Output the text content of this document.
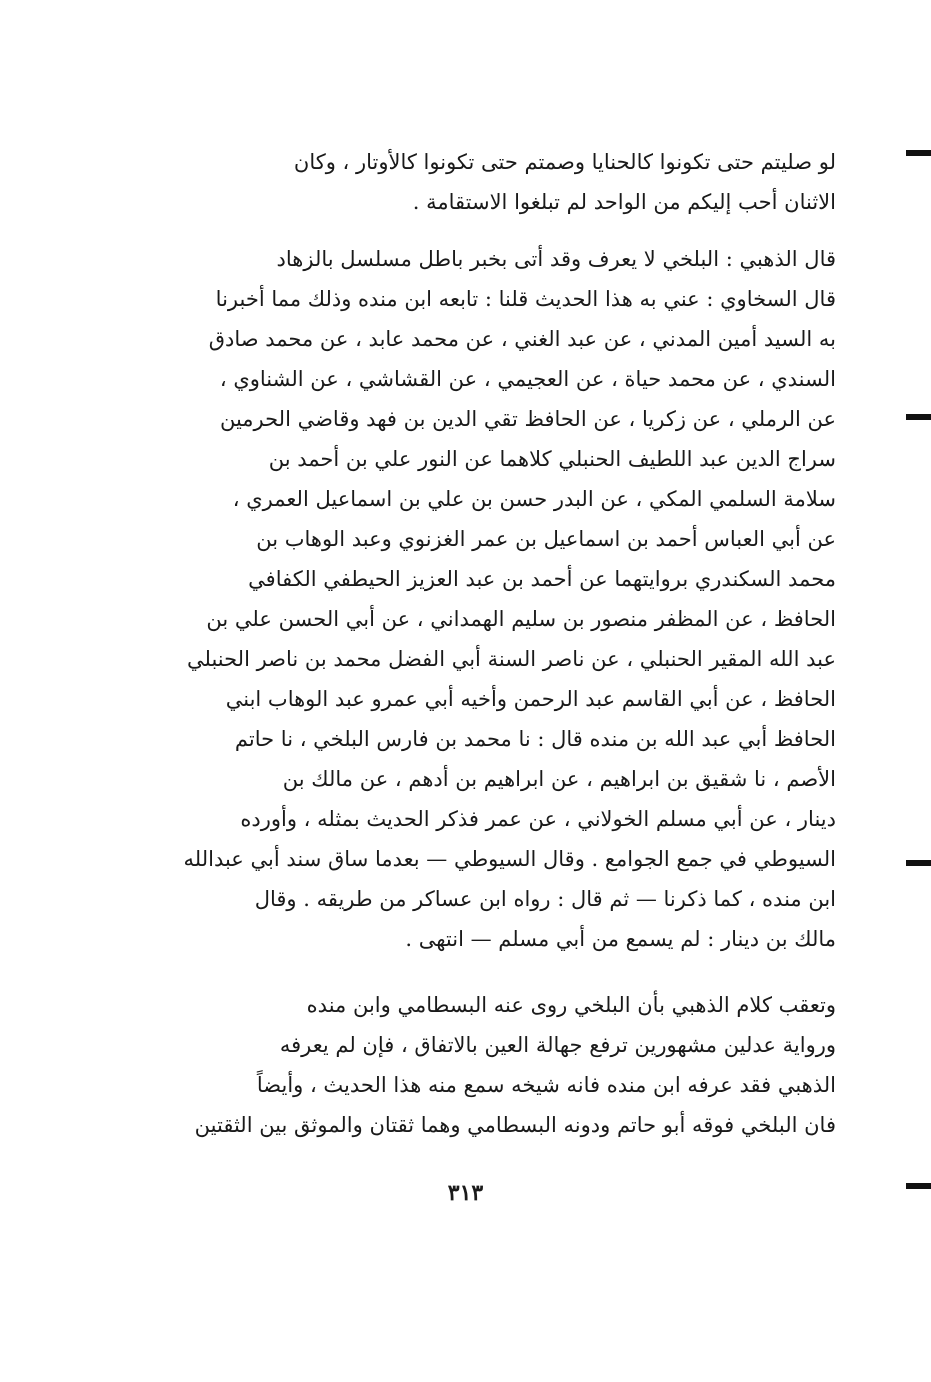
لو صليتم حتى تكونوا كالحنايا وصمتم حتى تكونوا كالأوتار ، وكان
الاثنان أحب إليكم من الواحد لم تبلغوا الاستقامة .

قال الذهبي : البلخي لا يعرف وقد أتى بخبر باطل مسلسل بالزهاد
قال السخاوي : عني به هذا الحديث قلنا : تابعه ابن منده وذلك مما أخبرنا
به السيد أمين المدني ، عن عبد الغني ، عن محمد عابد ، عن محمد صادق
السندي ، عن محمد حياة ، عن العجيمي ، عن القشاشي ، عن الشناوي ،
عن الرملي ، عن زكريا ، عن الحافظ تقي الدين بن فهد وقاضي الحرمين
سراج الدين عبد اللطيف الحنبلي كلاهما عن النور علي بن أحمد بن
سلامة السلمي المكي ، عن البدر حسن بن علي بن اسماعيل العمري ،
عن أبي العباس أحمد بن اسماعيل بن عمر الغزنوي وعبد الوهاب بن
محمد السكندري بروايتهما عن أحمد بن عبد العزيز الحيطفي الكفافي
الحافظ ، عن المظفر منصور بن سليم الهمداني ، عن أبي الحسن علي بن
عبد الله المقير الحنبلي ، عن ناصر السنة أبي الفضل محمد بن ناصر الحنبلي
الحافظ ، عن أبي القاسم عبد الرحمن وأخيه أبي عمرو عبد الوهاب ابني
الحافظ أبي عبد الله بن منده قال : نا محمد بن فارس البلخي ، نا حاتم
الأصم ، نا شقيق بن ابراهيم ، عن ابراهيم بن أدهم ، عن مالك بن
دينار ، عن أبي مسلم الخولاني ، عن عمر فذكر الحديث بمثله ، وأورده
السيوطي في جمع الجوامع . وقال السيوطي — بعدما ساق سند أبي عبدالله
ابن منده ، كما ذكرنا — ثم قال : رواه ابن عساكر من طريقه . وقال
مالك بن دينار : لم يسمع من أبي مسلم — انتهى .

وتعقب كلام الذهبي بأن البلخي روى عنه البسطامي وابن منده
ورواية عدلين مشهورين ترفع جهالة العين بالاتفاق ، فإن لم يعرفه
الذهبي فقد عرفه ابن منده فانه شيخه سمع منه هذا الحديث ، وأيضاً
فان البلخي فوقه أبو حاتم ودونه البسطامي وهما ثقتان والموثق بين الثقتين

٣١٣
